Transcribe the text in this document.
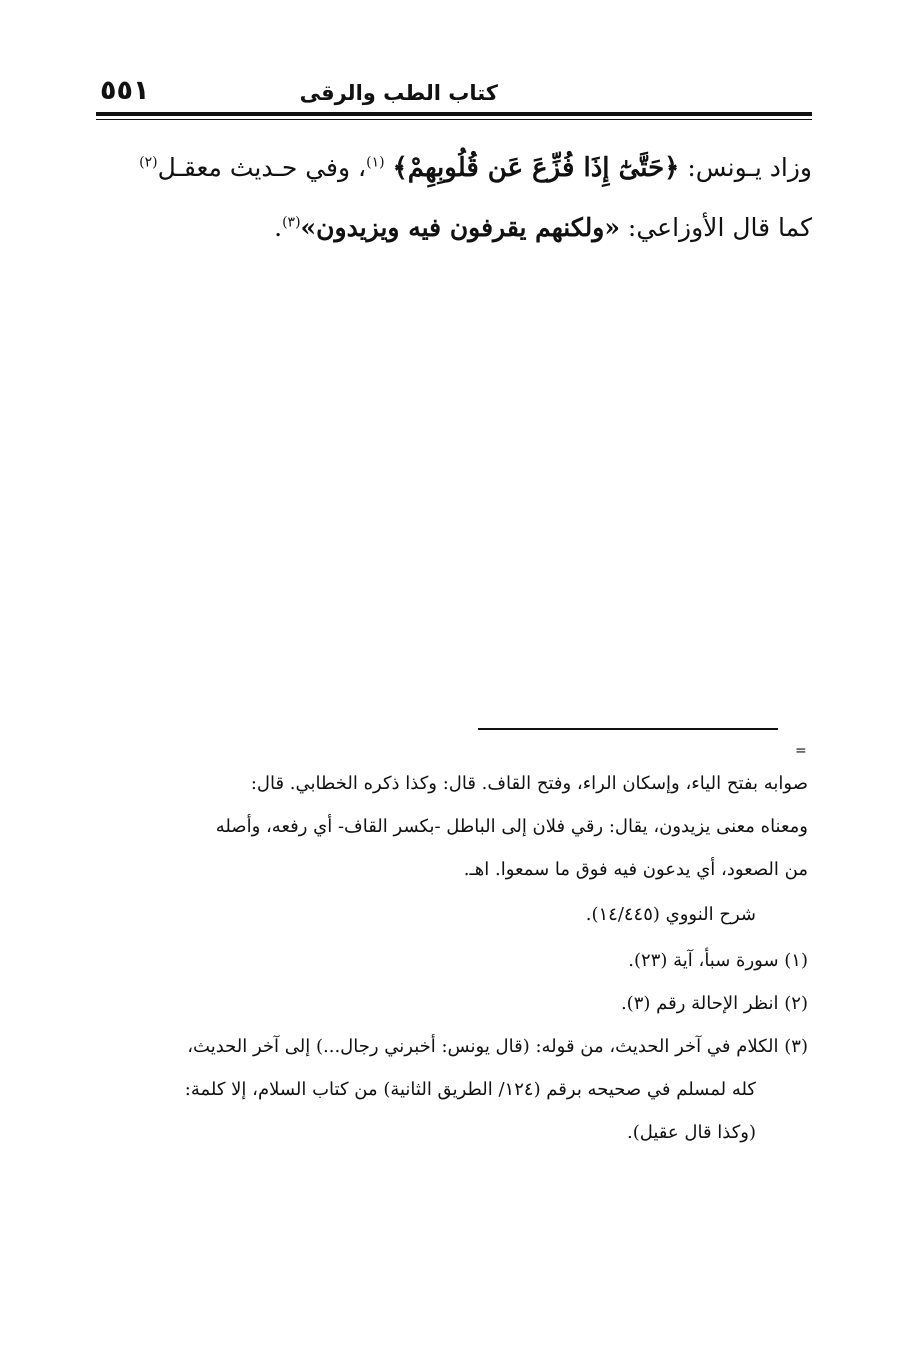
٥٥١	كتاب الطب والرقى
وزاد يـونس: ﴿حَتَّىٰٓ إِذَا فُزِّعَ عَن قُلُوبِهِمْ﴾ $^{(١)}$، وفي حـديث معقـل$^{(٢)}$
كما قال الأوزاعي: «ولكنهم يقرفون فيه ويزيدون»$^{(٣)}$.
=
صوابه بفتح الياء، وإسكان الراء، وفتح القاف. قال: وكذا ذكره الخطابي. قال:
ومعناه معنى يزيدون، يقال: رقي فلان إلى الباطل -بكسر القاف- أي رفعه، وأصله
من الصعود، أي يدعون فيه فوق ما سمعوا. اهـ.
شرح النووي (١٤/٤٤٥).
(١) سورة سبأ، آية (٢٣).
(٢) انظر الإحالة رقم (٣).
(٣) الكلام في آخر الحديث، من قوله: (قال يونس: أخبرني رجال...) إلى آخر الحديث،
كله لمسلم في صحيحه برقم (١٢٤/ الطريق الثانية) من كتاب السلام، إلا كلمة:
(وكذا قال عقيل).
